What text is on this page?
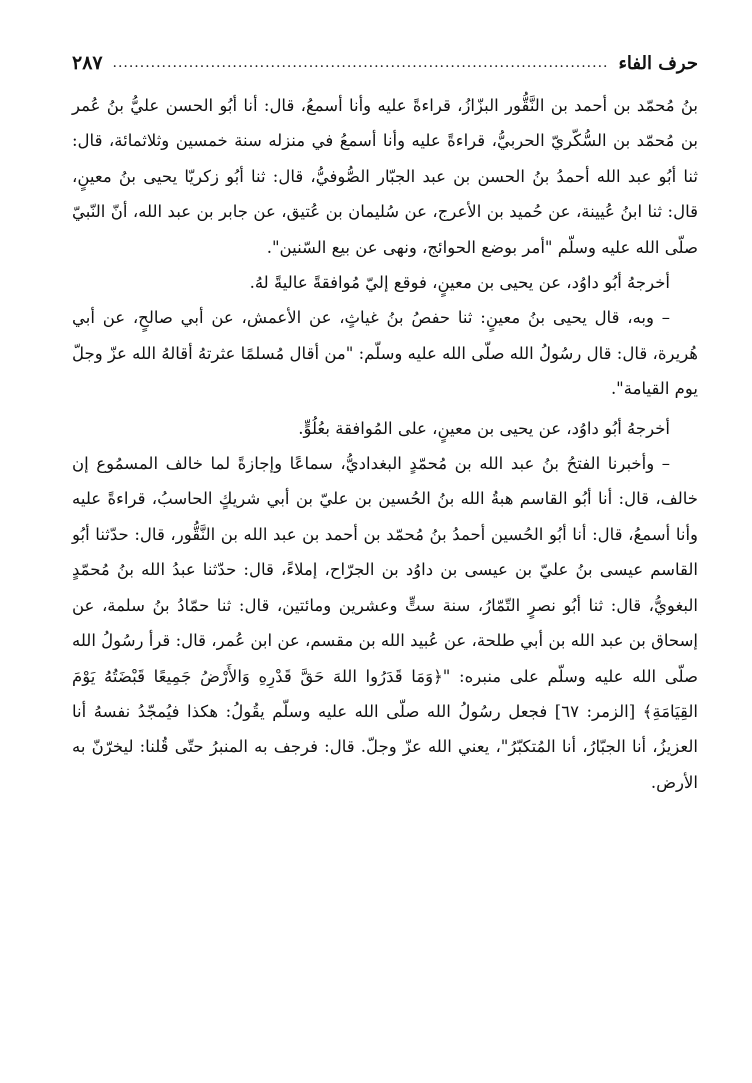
حرف الفاء
.....
٢٨٧

بنُ مُحمّد بن أحمد بن النَّقُّور البزّازُ، قراءةً عليه وأنا أسمعُ، قال: أنا أبُو الحسن عليُّ بنُ عُمر بن مُحمّد بن السُّكّريّ الحربيُّ، قراءةً عليه وأنا أسمعُ في منزله سنة خمسين وثلاثمائة، قال: ثنا أبُو عبد الله أحمدُ بنُ الحسن بن عبد الجبّار الصُّوفيُّ، قال: ثنا أبُو زكريّا يحيى بنُ معينٍ، قال: ثنا ابنُ عُيينة، عن حُميد بن الأعرج، عن سُليمان بن عُتيق، عن جابر بن عبد الله، أنّ النّبيّ صلّى الله عليه وسلّم "أمر بوضع الحوائج، ونهى عن بيع السّنين".

أخرجهُ أبُو داوُد، عن يحيى بن معينٍ، فوقع إليّ مُوافقةً عاليةً لهُ.

– وبه، قال يحيى بنُ معينٍ: ثنا حفصُ بنُ غياثٍ، عن الأعمش، عن أبي صالحٍ، عن أبي هُريرة، قال: قال رسُولُ الله صلّى الله عليه وسلّم: "من أقال مُسلمًا عثرتهُ أقالهُ الله عزّ وجلّ يوم القيامة".

أخرجهُ أبُو داوُد، عن يحيى بن معينٍ، على المُوافقة بعُلُوٍّ.

– وأخبرنا الفتحُ بنُ عبد الله بن مُحمّدٍ البغداديُّ، سماعًا وإجازةً لما خالف المسمُوع إن خالف، قال: أنا أبُو القاسم هبةُ الله بنُ الحُسين بن عليّ بن أبي شريكٍ الحاسبُ، قراءةً عليه وأنا أسمعُ، قال: أنا أبُو الحُسين أحمدُ بنُ مُحمّد بن أحمد بن عبد الله بن النَّقُّور، قال: حدّثنا أبُو القاسم عيسى بنُ عليّ بن عيسى بن داوُد بن الجرّاح، إملاءً، قال: حدّثنا عبدُ الله بنُ مُحمّدٍ البغويُّ، قال: ثنا أبُو نصرٍ التّمّارُ، سنة ستٍّ وعشرين ومائتين، قال: ثنا حمّادُ بنُ سلمة، عن إسحاق بن عبد الله بن أبي طلحة، عن عُبيد الله بن مقسم، عن ابن عُمر، قال: قرأ رسُولُ الله صلّى الله عليه وسلّم على منبره: "﴿وَمَا قَدَرُوا اللهَ حَقَّ قَدْرِهِ وَالأَرْضُ جَمِيعًا قَبْضَتُهُ يَوْمَ القِيَامَةِ﴾ [الزمر: ٦٧] فجعل رسُولُ الله صلّى الله عليه وسلّم يقُولُ: هكذا فيُمجّدُ نفسهُ أنا العزيزُ، أنا الجبّارُ، أنا المُتكبّرُ"، يعني الله عزّ وجلّ. قال: فرجف به المنبرُ حتّى قُلنا: ليخرّنّ به الأرض.
